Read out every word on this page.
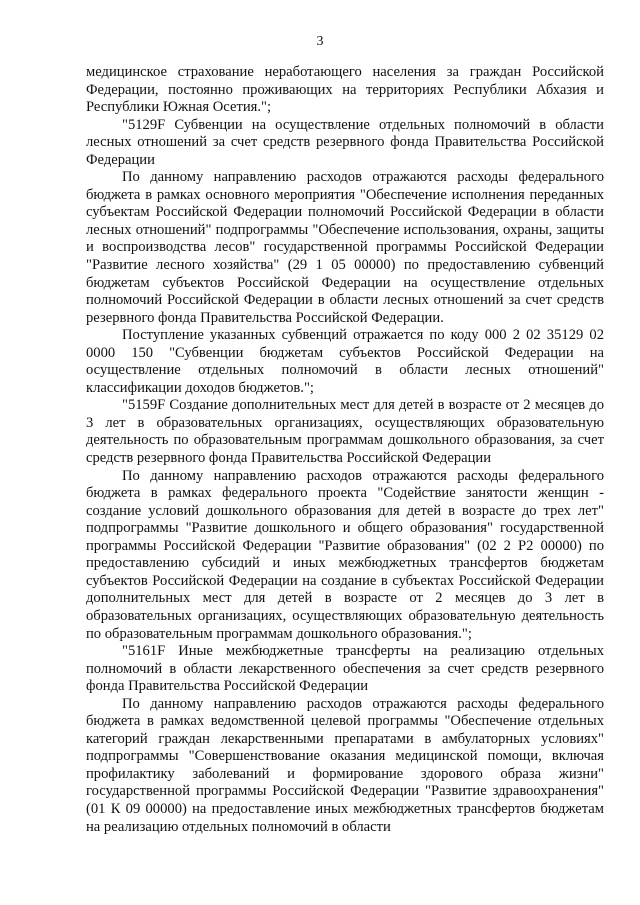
3

медицинское страхование неработающего населения за граждан Российской Федерации, постоянно проживающих на территориях Республики Абхазия и Республики Южная Осетия.";

"5129F Субвенции на осуществление отдельных полномочий в области лесных отношений за счет средств резервного фонда Правительства Российской Федерации

По данному направлению расходов отражаются расходы федерального бюджета в рамках основного мероприятия "Обеспечение исполнения переданных субъектам Российской Федерации полномочий Российской Федерации в области лесных отношений" подпрограммы "Обеспечение использования, охраны, защиты и воспроизводства лесов" государственной программы Российской Федерации "Развитие лесного хозяйства" (29 1 05 00000) по предоставлению субвенций бюджетам субъектов Российской Федерации на осуществление отдельных полномочий Российской Федерации в области лесных отношений за счет средств резервного фонда Правительства Российской Федерации.

Поступление указанных субвенций отражается по коду 000 2 02 35129 02 0000 150 "Субвенции бюджетам субъектов Российской Федерации на осуществление отдельных полномочий в области лесных отношений" классификации доходов бюджетов.";

"5159F Создание дополнительных мест для детей в возрасте от 2 месяцев до 3 лет в образовательных организациях, осуществляющих образовательную деятельность по образовательным программам дошкольного образования, за счет средств резервного фонда Правительства Российской Федерации

По данному направлению расходов отражаются расходы федерального бюджета в рамках федерального проекта "Содействие занятости женщин - создание условий дошкольного образования для детей в возрасте до трех лет" подпрограммы "Развитие дошкольного и общего образования" государственной программы Российской Федерации "Развитие образования" (02 2 P2 00000) по предоставлению субсидий и иных межбюджетных трансфертов бюджетам субъектов Российской Федерации на создание в субъектах Российской Федерации дополнительных мест для детей в возрасте от 2 месяцев до 3 лет в образовательных организациях, осуществляющих образовательную деятельность по образовательным программам дошкольного образования.";

"5161F Иные межбюджетные трансферты на реализацию отдельных полномочий в области лекарственного обеспечения за счет средств резервного фонда Правительства Российской Федерации

По данному направлению расходов отражаются расходы федерального бюджета в рамках ведомственной целевой программы "Обеспечение отдельных категорий граждан лекарственными препаратами в амбулаторных условиях" подпрограммы "Совершенствование оказания медицинской помощи, включая профилактику заболеваний и формирование здорового образа жизни" государственной программы Российской Федерации "Развитие здравоохранения" (01 К 09 00000) на предоставление иных межбюджетных трансфертов бюджетам на реализацию отдельных полномочий в области
